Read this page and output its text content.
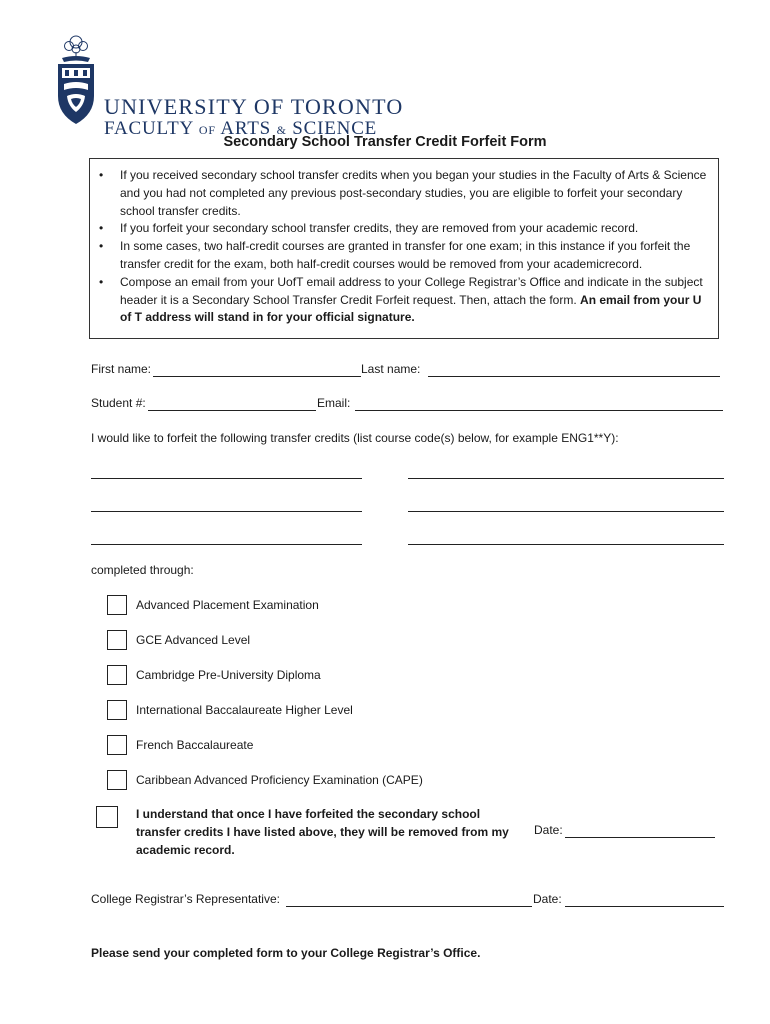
UNIVERSITY OF TORONTO
FACULTY OF ARTS & SCIENCE
Secondary School Transfer Credit Forfeit Form
• If you received secondary school transfer credits when you began your studies in the Faculty of Arts & Science and you had not completed any previous post-secondary studies, you are eligible to forfeit your secondary school transfer credits.
• If you forfeit your secondary school transfer credits, they are removed from your academic record.
• In some cases, two half-credit courses are granted in transfer for one exam; in this instance if you forfeit the transfer credit for the exam, both half-credit courses would be removed from your academicrecord.
• Compose an email from your UofT email address to your College Registrar’s Office and indicate in the subject header it is a Secondary School Transfer Credit Forfeit request. Then, attach the form. An email from your U of T address will stand in for your official signature.
First name:	Last name:
Student #:	Email:
I would like to forfeit the following transfer credits (list course code(s) below, for example ENG1**Y):
completed through:
Advanced Placement Examination
GCE Advanced Level
Cambridge Pre-University Diploma
International Baccalaureate Higher Level
French Baccalaureate
Caribbean Advanced Proficiency Examination (CAPE)
I understand that once I have forfeited the secondary school transfer credits I have listed above, they will be removed from my academic record.
Date:
College Registrar’s Representative:	Date:
Please send your completed form to your College Registrar’s Office.
